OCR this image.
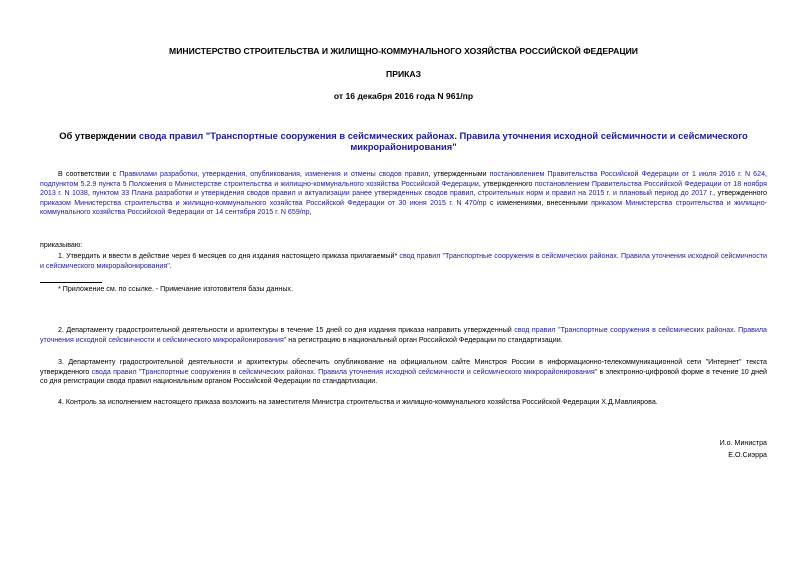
МИНИСТЕРСТВО СТРОИТЕЛЬСТВА И ЖИЛИЩНО-КОММУНАЛЬНОГО ХОЗЯЙСТВА РОССИЙСКОЙ ФЕДЕРАЦИИ
ПРИКАЗ
от 16 декабря 2016 года N 961/пр
Об утверждении свода правил "Транспортные сооружения в сейсмических районах. Правила уточнения исходной сейсмичности и сейсмического микрорайонирования"
В соответствии с Правилами разработки, утверждения, опубликования, изменения и отмены сводов правил, утвержденными постановлением Правительства Российской Федерации от 1 июля 2016 г. N 624, подпунктом 5.2.9 пункта 5 Положения о Министерстве строительства и жилищно-коммунального хозяйства Российской Федерации, утвержденного постановлением Правительства Российской Федерации от 18 ноября 2013 г. N 1038, пунктом 33 Плана разработки и утверждения сводов правил и актуализации ранее утвержденных сводов правил, строительных норм и правил на 2015 г. и плановый период до 2017 г., утвержденного приказом Министерства строительства и жилищно-коммунального хозяйства Российской Федерации от 30 июня 2015 г. N 470/пр с изменениями, внесенными приказом Министерства строительства и жилищно-коммунального хозяйства Российской Федерации от 14 сентября 2015 г. N 659/пр,
приказываю:
1. Утвердить и ввести в действие через 6 месяцев со дня издания настоящего приказа прилагаемый* свод правил "Транспортные сооружения в сейсмических районах. Правила уточнения исходной сейсмичности и сейсмического микрорайонирования".
* Приложение см. по ссылке. - Примечание изготовителя базы данных.
2. Департаменту градостроительной деятельности и архитектуры в течение 15 дней со дня издания приказа направить утвержденный свод правил "Транспортные сооружения в сейсмических районах. Правила уточнения исходной сейсмичности и сейсмического микрорайонирования" на регистрацию в национальный орган Российской Федерации по стандартизации.
3. Департаменту градостроительной деятельности и архитектуры обеспечить опубликование на официальном сайте Минстроя России в информационно-телекоммуникационной сети "Интернет" текста утвержденного свода правил "Транспортные сооружения в сейсмических районах. Правила уточнения исходной сейсмичности и сейсмического микрорайонирования" в электронно-цифровой форме в течение 10 дней со дня регистрации свода правил национальным органом Российской Федерации по стандартизации.
4. Контроль за исполнением настоящего приказа возложить на заместителя Министра строительства и жилищно-коммунального хозяйства Российской Федерации Х.Д.Мавлиярова.
И.о. Министра
Е.О.Сиэрра
